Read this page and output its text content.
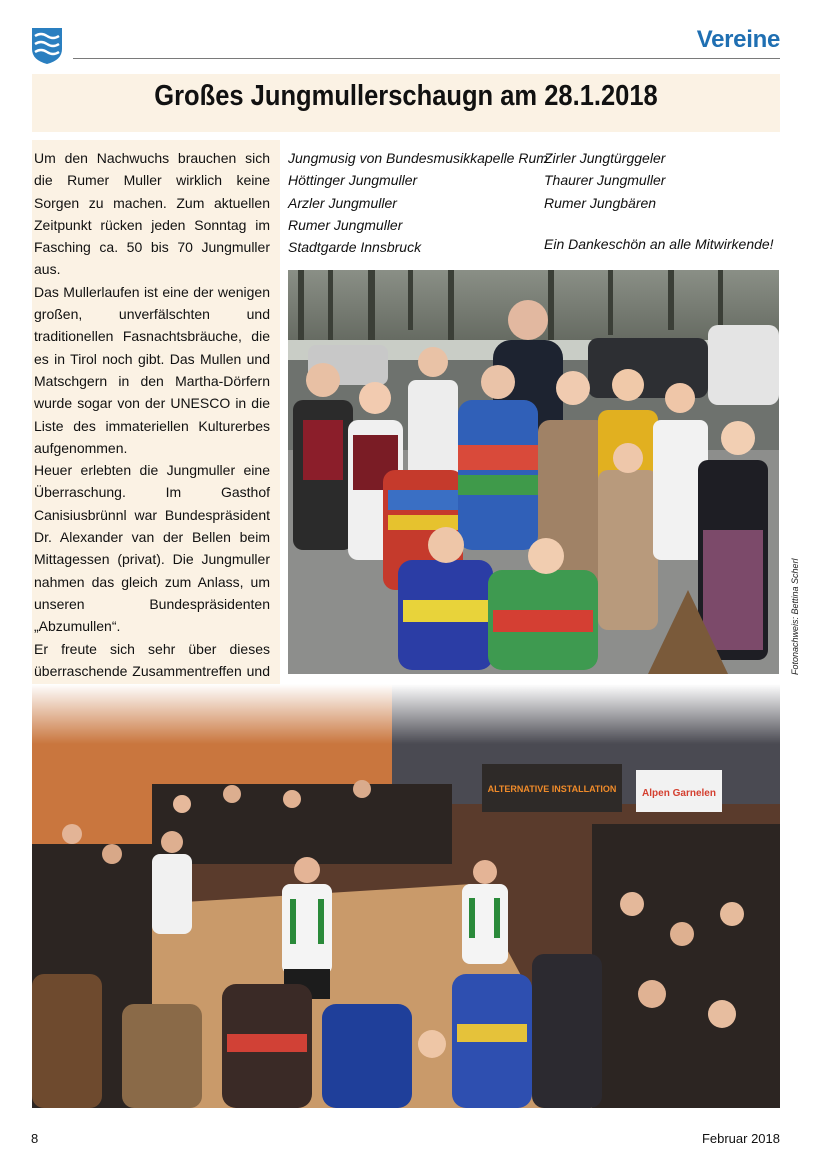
Vereine
Großes Jungmullerschaugn am 28.1.2018

Um den Nachwuchs brauchen sich die Rumer Muller wirklich keine Sorgen zu machen. Zum aktuellen Zeitpunkt rücken jeden Sonntag im Fasching ca. 50 bis 70 Jungmuller aus.

Das Mullerlaufen ist eine der wenigen großen, unverfälschten und traditionellen Fasnachtsbräuche, die es in Tirol noch gibt. Das Mullen und Matschgern in den Martha-Dörfern wurde sogar von der UNESCO in die Liste des immateriellen Kulturerbes aufgenommen.

Heuer erlebten die Jungmuller eine Überraschung. Im Gasthof Canisiusbrünnl war Bundespräsident Dr. Alexander van der Bellen beim Mittagessen (privat). Die Jungmuller nahmen das gleich zum Anlass, um unseren Bundespräsidenten „Abzumullen“.

Er freute sich sehr über dieses überraschende Zusammentreffen und

Jungmusig von Bundesmusikkapelle Rum
Höttinger Jungmuller
Arzler Jungmuller
Rumer Jungmuller
Stadtgarde Innsbruck
Zirler Jungtürggeler
Thaurer Jungmuller
Rumer Jungbären
Ein Dankeschön an alle Mitwirkende!
Fotonachweis: Bettina Scherl
ALTERNATIVE INSTALLATION	Alpen Garnelen
8	Februar 2018
